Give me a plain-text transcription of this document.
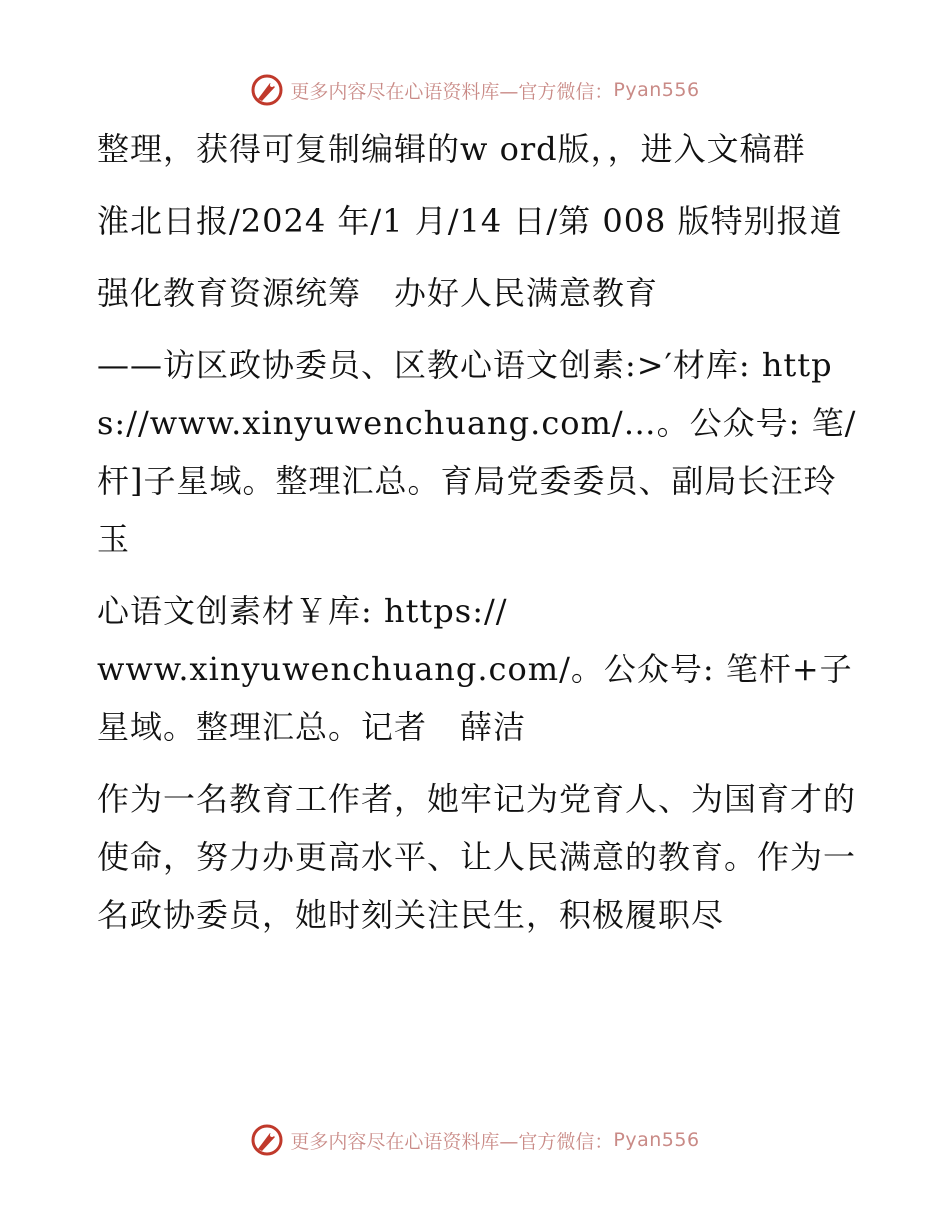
更多内容尽在心语资料库—官方微信： Pyan556

整理，获得可复制编辑的w ord版，，进入文稿群

淮北日报/2024 年/1 月/14 日/第 008 版特别报道

强化教育资源统筹　办好人民满意教育

——访区政协委员、区教心语文创素:>′材库: https://www.xinyuwenchuang.com/…。公众号: 笔/杆]子星域。整理汇总。育局党委委员、副局长汪玲玉

心语文创素材￥库: https://
www.xinyuwenchuang.com/。公众号: 笔杆+子星域。整理汇总。记者　薛洁

作为一名教育工作者，她牢记为党育人、为国育才的使命，努力办更高水平、让人民满意的教育。作为一名政协委员，她时刻关注民生，积极履职尽

更多内容尽在心语资料库—官方微信： Pyan556
